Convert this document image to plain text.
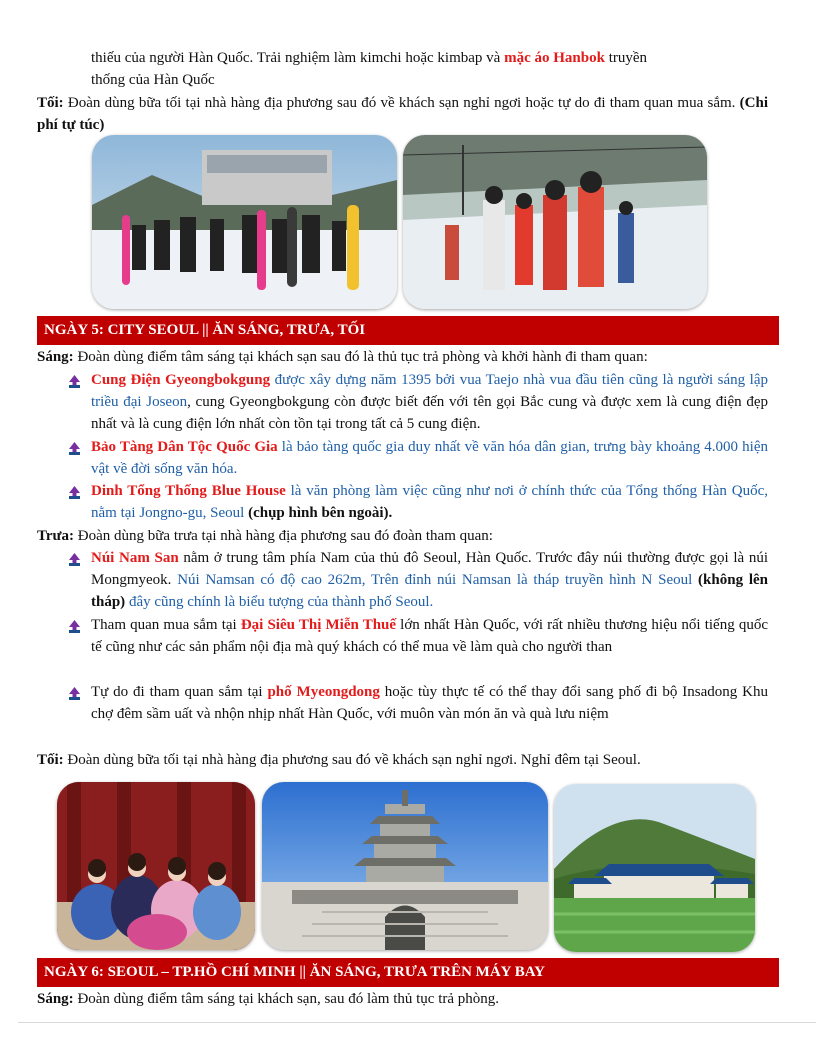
thiếu của người Hàn Quốc. Trải nghiệm làm kimchi hoặc kimbap và mặc áo Hanbok truyền
thống của Hàn Quốc

Tối: Đoàn dùng bữa tối tại nhà hàng địa phương sau đó về khách sạn nghỉ ngơi hoặc tự do đi tham quan mua sắm. (Chi phí tự túc)

NGÀY 5: CITY SEOUL || ĂN SÁNG, TRƯA, TỐI

Sáng: Đoàn dùng điểm tâm sáng tại khách sạn sau đó là thủ tục trả phòng và khởi hành đi tham quan:

Cung Điện Gyeongbokgung được xây dựng năm 1395 bởi vua Taejo nhà vua đầu tiên cũng là người sáng lập triều đại Joseon, cung Gyeongbokgung còn được biết đến với tên gọi Bắc cung và được xem là cung điện đẹp nhất và là cung điện lớn nhất còn tồn tại trong tất cả 5 cung điện.

Bảo Tàng Dân Tộc Quốc Gia là bảo tàng quốc gia duy nhất về văn hóa dân gian, trưng bày khoảng 4.000 hiện vật về đời sống văn hóa.

Dinh Tổng Thống Blue House là văn phòng làm việc cũng như nơi ở chính thức của Tổng thống Hàn Quốc, nằm tại Jongno-gu, Seoul (chụp hình bên ngoài).

Trưa: Đoàn dùng bữa trưa tại nhà hàng địa phương sau đó đoàn tham quan:

Núi Nam San nằm ở trung tâm phía Nam của thủ đô Seoul, Hàn Quốc. Trước đây núi thường được gọi là núi Mongmyeok. Núi Namsan có độ cao 262m, Trên đỉnh núi Namsan là tháp truyền hình N Seoul (không lên tháp) đây cũng chính là biểu tượng của thành phố Seoul.

Tham quan mua sắm tại Đại Siêu Thị Miễn Thuế lớn nhất Hàn Quốc, với rất nhiều thương hiệu nổi tiếng quốc tế cũng như các sản phẩm nội địa mà quý khách có thể mua về làm quà cho người than

Tự do đi tham quan sắm tại phố Myeongdong hoặc tùy thực tế có thể thay đổi sang phố đi bộ Insadong Khu chợ đêm sầm uất và nhộn nhịp nhất Hàn Quốc, với muôn vàn món ăn và quà lưu niệm

Tối: Đoàn dùng bữa tối tại nhà hàng địa phương sau đó về khách sạn nghỉ ngơi. Nghỉ đêm tại Seoul.

NGÀY 6: SEOUL – TP.HỒ CHÍ MINH || ĂN SÁNG, TRƯA TRÊN MÁY BAY

Sáng: Đoàn dùng điểm tâm sáng tại khách sạn, sau đó làm thủ tục trả phòng.
